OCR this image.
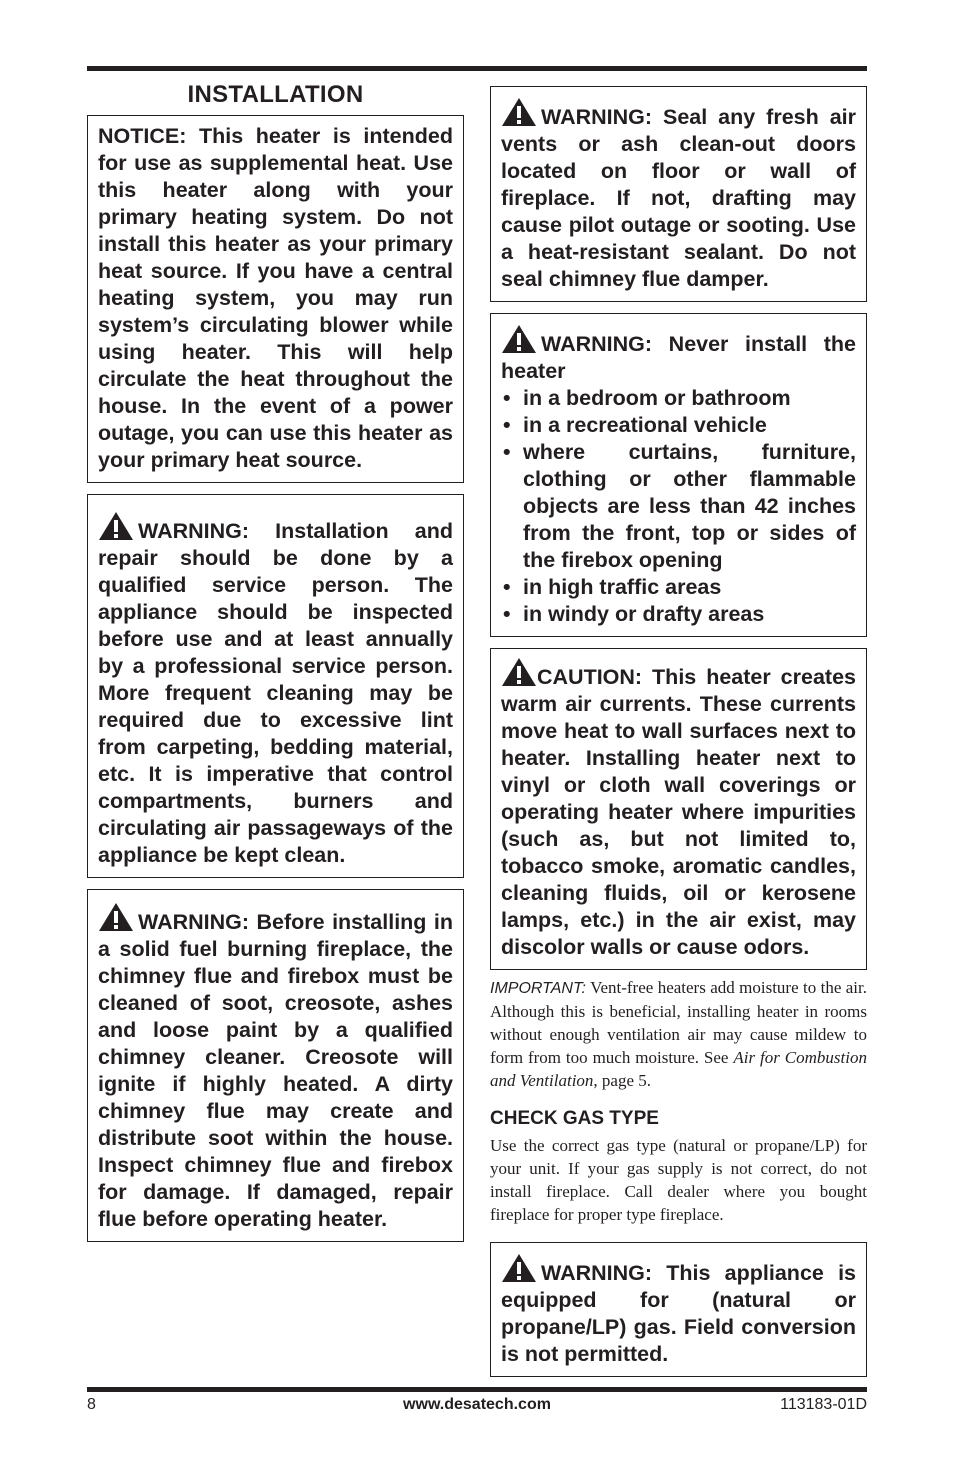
INSTALLATION

NOTICE: This heater is intended for use as supplemental heat. Use this heater along with your primary heating system. Do not install this heater as your primary heat source. If you have a central heating system, you may run system’s circulating blower while using heater. This will help circulate the heat throughout the house. In the event of a power outage, you can use this heater as your primary heat source.

WARNING: Installation and repair should be done by a qualified service person. The appliance should be inspected before use and at least annually by a professional service person. More frequent cleaning may be required due to excessive lint from carpeting, bedding material, etc. It is imperative that control compartments, burners and circulating air passageways of the appliance be kept clean.

WARNING: Before installing in a solid fuel burning fireplace, the chimney flue and firebox must be cleaned of soot, creosote, ashes and loose paint by a qualified chimney cleaner. Creosote will ignite if highly heated. A dirty chimney flue may create and distribute soot within the house. Inspect chimney flue and firebox for damage. If damaged, repair flue before operating heater.

WARNING: Seal any fresh air vents or ash clean-out doors located on floor or wall of fireplace. If not, drafting may cause pilot outage or sooting. Use a heat-resistant sealant. Do not seal chimney flue damper.

WARNING: Never install the heater

• in a bedroom or bathroom
• in a recreational vehicle
• where curtains, furniture, clothing or other flammable objects are less than 42 inches from the front, top or sides of the firebox opening
• in high traffic areas
• in windy or drafty areas

CAUTION: This heater creates warm air currents. These currents move heat to wall surfaces next to heater. Installing heater next to vinyl or cloth wall coverings or operating heater where impurities (such as, but not limited to, tobacco smoke, aromatic candles, cleaning fluids, oil or kerosene lamps, etc.) in the air exist, may discolor walls or cause odors.

IMPORTANT: Vent-free heaters add moisture to the air. Although this is beneficial, installing heater in rooms without enough ventilation air may cause mildew to form from too much moisture. See Air for Combustion and Ventilation, page 5.

CHECK GAS TYPE

Use the correct gas type (natural or propane/LP) for your unit. If your gas supply is not correct, do not install fireplace. Call dealer where you bought fireplace for proper type fireplace.

WARNING: This appliance is equipped for (natural or propane/LP) gas. Field conversion is not permitted.

www.desatech.com
8	113183-01D
